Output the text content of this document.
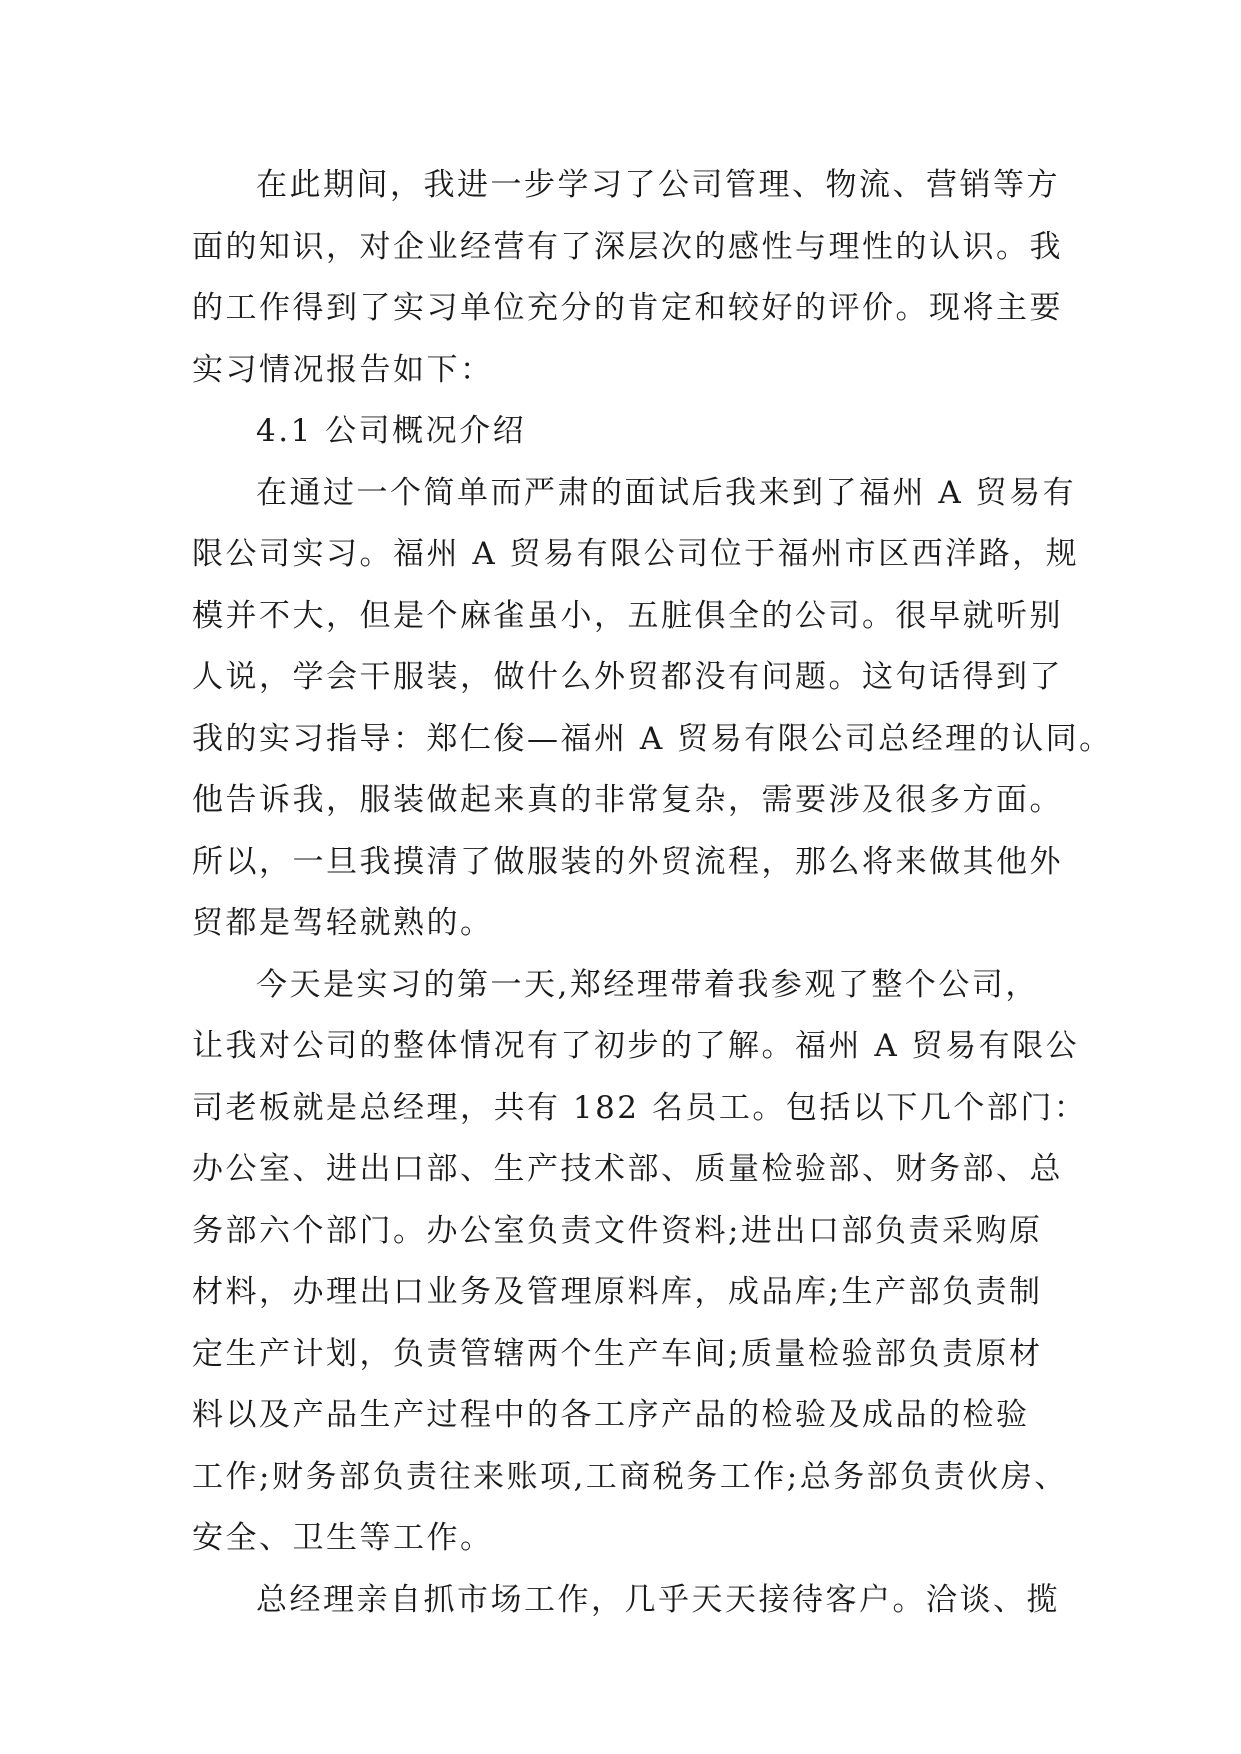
在此期间，我进一步学习了公司管理、物流、营销等方
面的知识，对企业经营有了深层次的感性与理性的认识。我
的工作得到了实习单位充分的肯定和较好的评价。现将主要
实习情况报告如下：
4.1 公司概况介绍
在通过一个简单而严肃的面试后我来到了福州 A 贸易有
限公司实习。福州 A 贸易有限公司位于福州市区西洋路，规
模并不大，但是个麻雀虽小，五脏俱全的公司。很早就听别
人说，学会干服装，做什么外贸都没有问题。这句话得到了
我的实习指导：郑仁俊—福州 A 贸易有限公司总经理的认同。
他告诉我，服装做起来真的非常复杂，需要涉及很多方面。
所以，一旦我摸清了做服装的外贸流程，那么将来做其他外
贸都是驾轻就熟的。
今天是实习的第一天,郑经理带着我参观了整个公司，
让我对公司的整体情况有了初步的了解。福州 A 贸易有限公
司老板就是总经理，共有 182 名员工。包括以下几个部门：
办公室、进出口部、生产技术部、质量检验部、财务部、总
务部六个部门。办公室负责文件资料;进出口部负责采购原
材料，办理出口业务及管理原料库，成品库;生产部负责制
定生产计划，负责管辖两个生产车间;质量检验部负责原材
料以及产品生产过程中的各工序产品的检验及成品的检验
工作;财务部负责往来账项,工商税务工作;总务部负责伙房、
安全、卫生等工作。
总经理亲自抓市场工作，几乎天天接待客户。洽谈、揽
